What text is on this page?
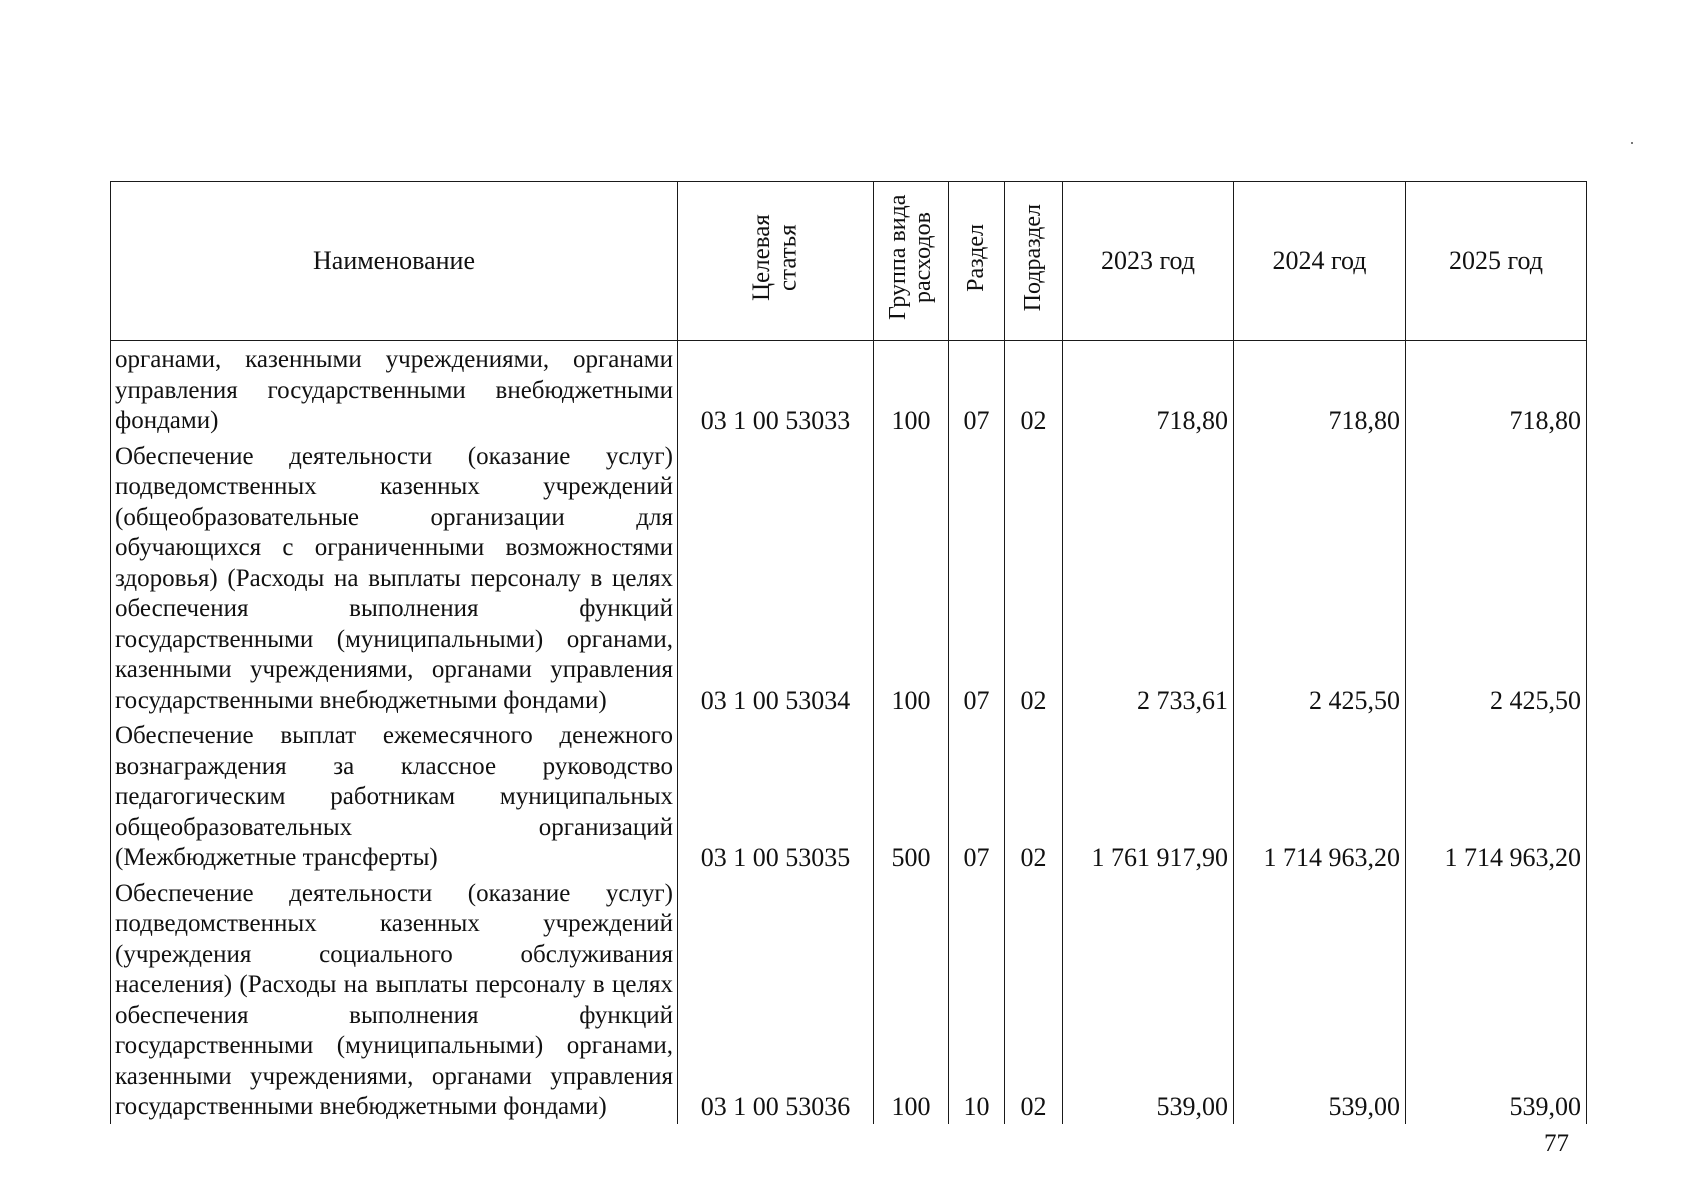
Наименование	Целевая статья	Группа вида расходов	Раздел	Подраздел	2023 год	2024 год	2025 год
органами, казенными учреждениями, органами управления государственными внебюджетными фондами)	03 1 00 53033	100	07	02	718,80	718,80	718,80
Обеспечение деятельности (оказание услуг) подведомственных казенных учреждений (общеобразовательные организации для обучающихся с ограниченными возможностями здоровья) (Расходы на выплаты персоналу в целях обеспечения выполнения функций государственными (муниципальными) органами, казенными учреждениями, органами управления государственными внебюджетными фондами)	03 1 00 53034	100	07	02	2 733,61	2 425,50	2 425,50
Обеспечение выплат ежемесячного денежного вознаграждения за классное руководство педагогическим работникам муниципальных общеобразовательных организаций (Межбюджетные трансферты)	03 1 00 53035	500	07	02	1 761 917,90	1 714 963,20	1 714 963,20
Обеспечение деятельности (оказание услуг) подведомственных казенных учреждений (учреждения социального обслуживания населения) (Расходы на выплаты персоналу в целях обеспечения выполнения функций государственными (муниципальными) органами, казенными учреждениями, органами управления государственными внебюджетными фондами)	03 1 00 53036	100	10	02	539,00	539,00	539,00
77
